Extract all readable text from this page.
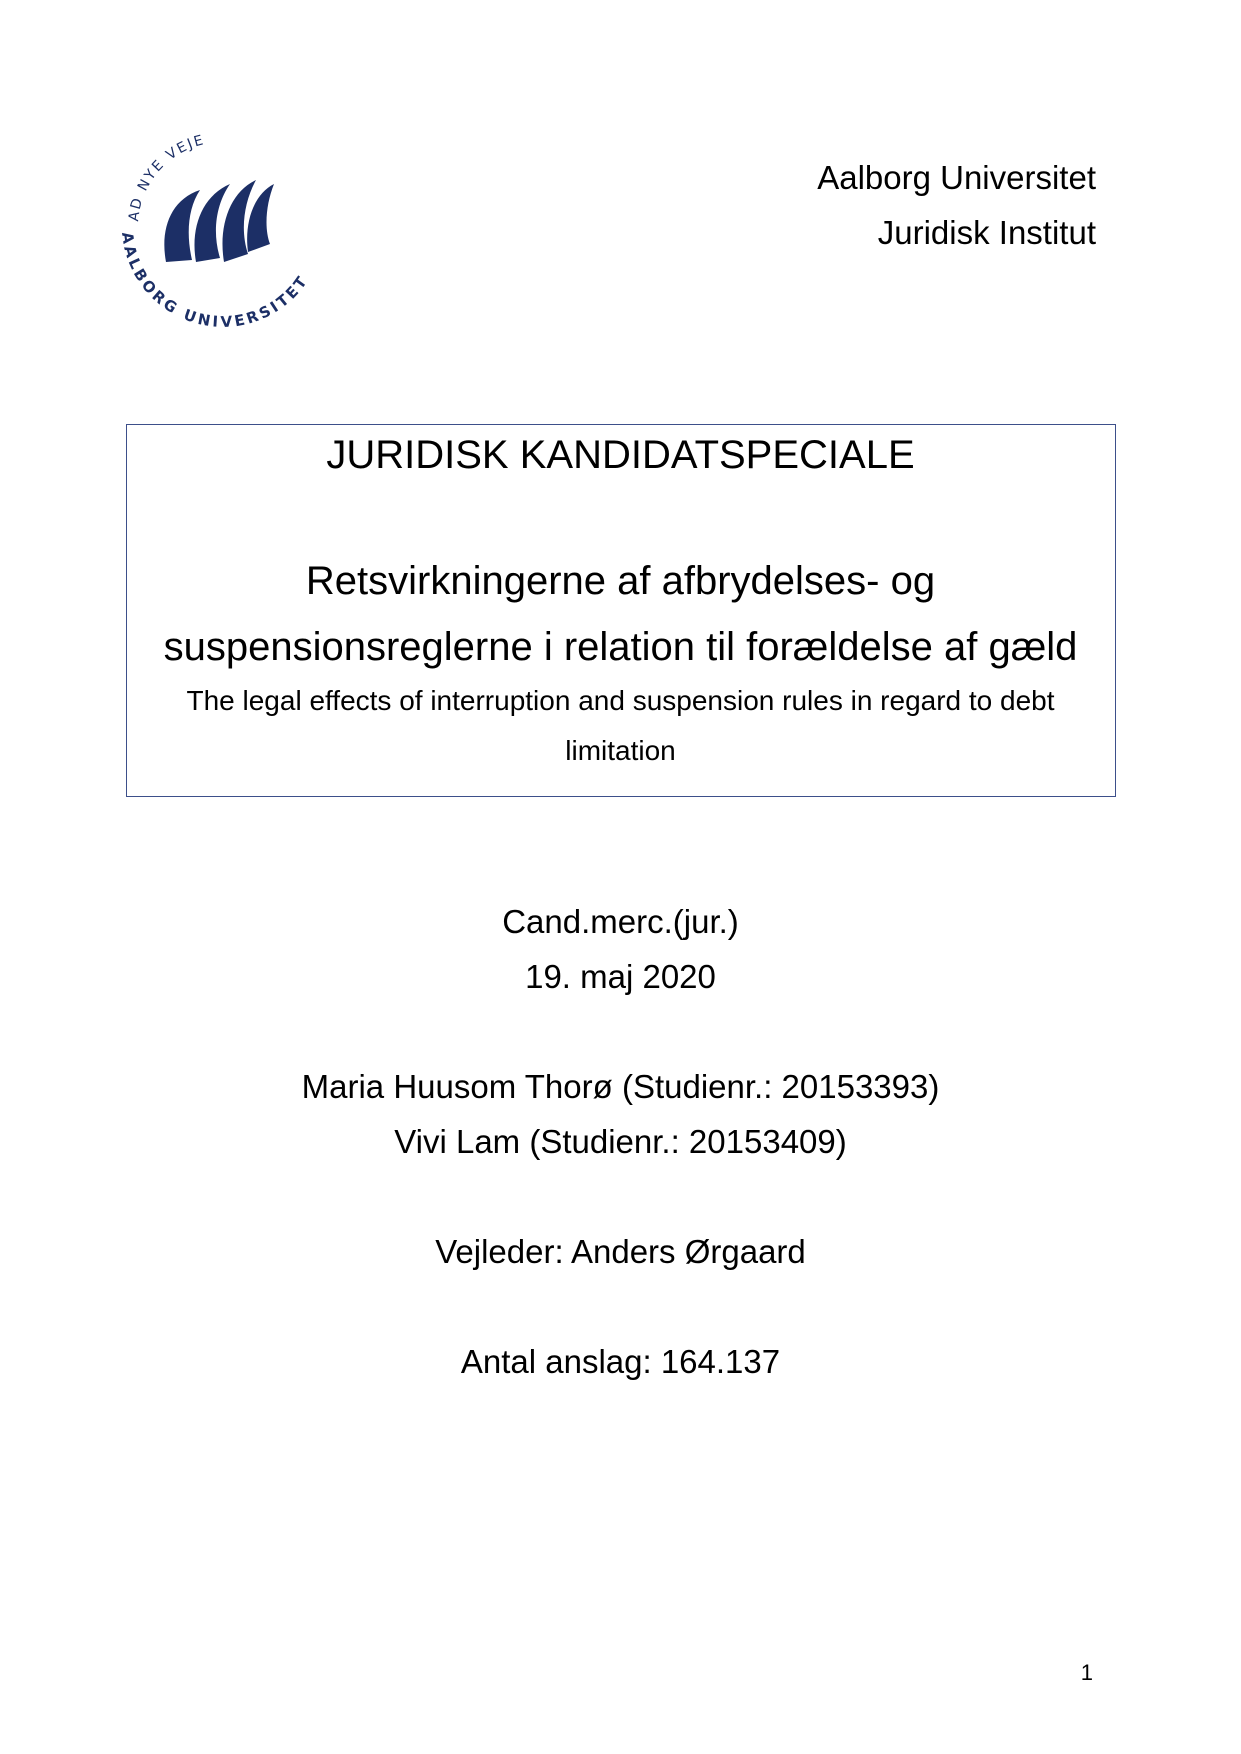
AD NYE VEJE
AALBORG UNIVERSITET
Aalborg Universitet
Juridisk Institut
JURIDISK KANDIDATSPECIALE
Retsvirkningerne af afbrydelses- og
suspensionsreglerne i relation til forældelse af gæld
The legal effects of interruption and suspension rules in regard to debt
limitation
Cand.merc.(jur.)
19. maj 2020
Maria Huusom Thorø (Studienr.: 20153393)
Vivi Lam (Studienr.: 20153409)
Vejleder: Anders Ørgaard
Antal anslag: 164.137
1
